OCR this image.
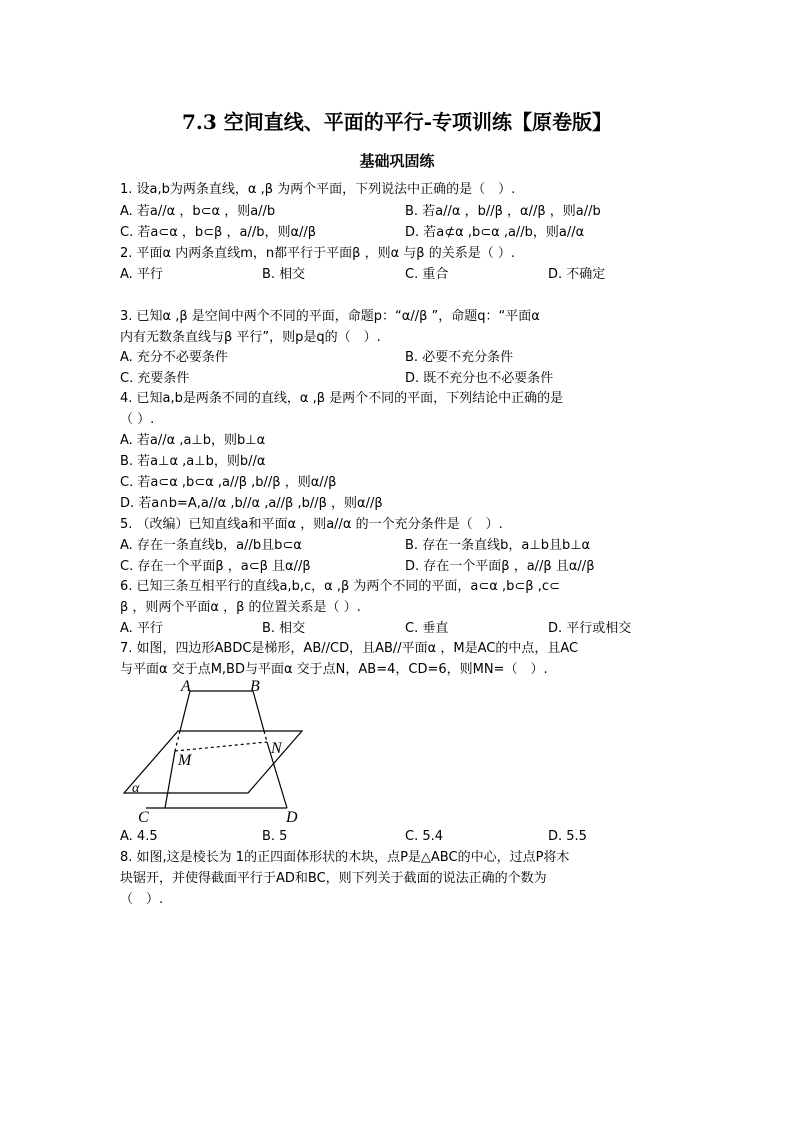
7.3 空间直线、平面的平行-专项训练【原卷版】
基础巩固练
1. 设a,b为两条直线，α ,β 为两个平面，下列说法中正确的是（　）.
A. 若a//α ，b⊂α ，则a//b	B. 若a//α ，b//β ，α//β ，则a//b
C. 若a⊂α ，b⊂β ，a//b，则α//β	D. 若a⊄α ,b⊂α ,a//b，则a//α
2. 平面α 内两条直线m，n都平行于平面β ，则α 与β 的关系是（ ）.
A. 平行	B. 相交	C. 重合	D. 不确定
3. 已知α ,β 是空间中两个不同的平面，命题p：“α//β ”，命题q：“平面α
内有无数条直线与β 平行”，则p是q的（　）.
A. 充分不必要条件	B. 必要不充分条件
C. 充要条件	D. 既不充分也不必要条件
4. 已知a,b是两条不同的直线，α ,β 是两个不同的平面，下列结论中正确的是
（ ）.
A. 若a//α ,a⊥b，则b⊥α
B. 若a⊥α ,a⊥b，则b//α
C. 若a⊂α ,b⊂α ,a//β ,b//β ，则α//β
D. 若a∩b=A,a//α ,b//α ,a//β ,b//β ，则α//β
5. （改编）已知直线a和平面α ，则a//α 的一个充分条件是（　）.
A. 存在一条直线b，a//b且b⊂α	B. 存在一条直线b，a⊥b且b⊥α
C. 存在一个平面β ，a⊂β 且α//β	D. 存在一个平面β ，a//β 且α//β
6. 已知三条互相平行的直线a,b,c，α ,β 为两个不同的平面，a⊂α ,b⊂β ,c⊂
β ，则两个平面α ，β 的位置关系是（ ）.
A. 平行	B. 相交	C. 垂直	D. 平行或相交
7. 如图，四边形ABDC是梯形，AB//CD，且AB//平面α ，M是AC的中点，且AC
与平面α 交于点M,BD与平面α 交于点N，AB=4，CD=6，则MN=（　）.
A	B
M
N
α
C	D
A. 4.5	B. 5	C. 5.4	D. 5.5
8. 如图,这是棱长为 1的正四面体形状的木块，点P是△ABC的中心，过点P将木
块锯开，并使得截面平行于AD和BC，则下列关于截面的说法正确的个数为
（　）.
